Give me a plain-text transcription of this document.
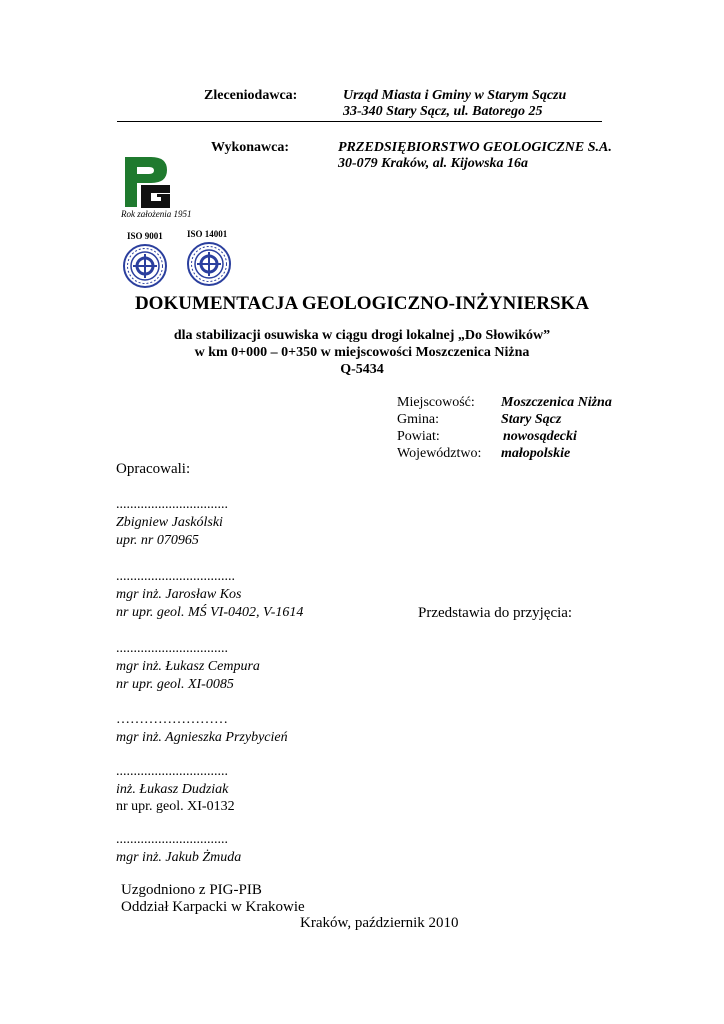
Zleceniodawca:	Urząd Miasta i Gminy w Starym Sączu
33-340 Stary Sącz, ul. Batorego 25
Wykonawca:	PRZEDSIĘBIORSTWO GEOLOGICZNE S.A.
30-079 Kraków, al. Kijowska 16a
Rok założenia 1951
ISO 9001	ISO 14001
DOKUMENTACJA GEOLOGICZNO-INŻYNIERSKA
dla stabilizacji osuwiska w ciągu drogi lokalnej „Do Słowików”
w km 0+000 – 0+350 w miejscowości Moszczenica Niżna
Q-5434
Miejscowość: Moszczenica Niżna
Gmina:	Stary Sącz
Powiat:	nowosądecki
Województwo: małopolskie
Opracowali:
................................
Zbigniew Jaskólski
upr. nr 070965
..................................
mgr inż. Jarosław Kos
nr upr. geol. MŚ VI-0402, V-1614	Przedstawia do przyjęcia:
................................
mgr inż. Łukasz Cempura
nr upr. geol. XI-0085
……………………
mgr inż. Agnieszka Przybycień
................................
inż. Łukasz Dudziak
nr upr. geol. XI-0132
................................
mgr inż. Jakub Żmuda
Uzgodniono z PIG-PIB
Oddział Karpacki w Krakowie
Kraków, październik 2010
